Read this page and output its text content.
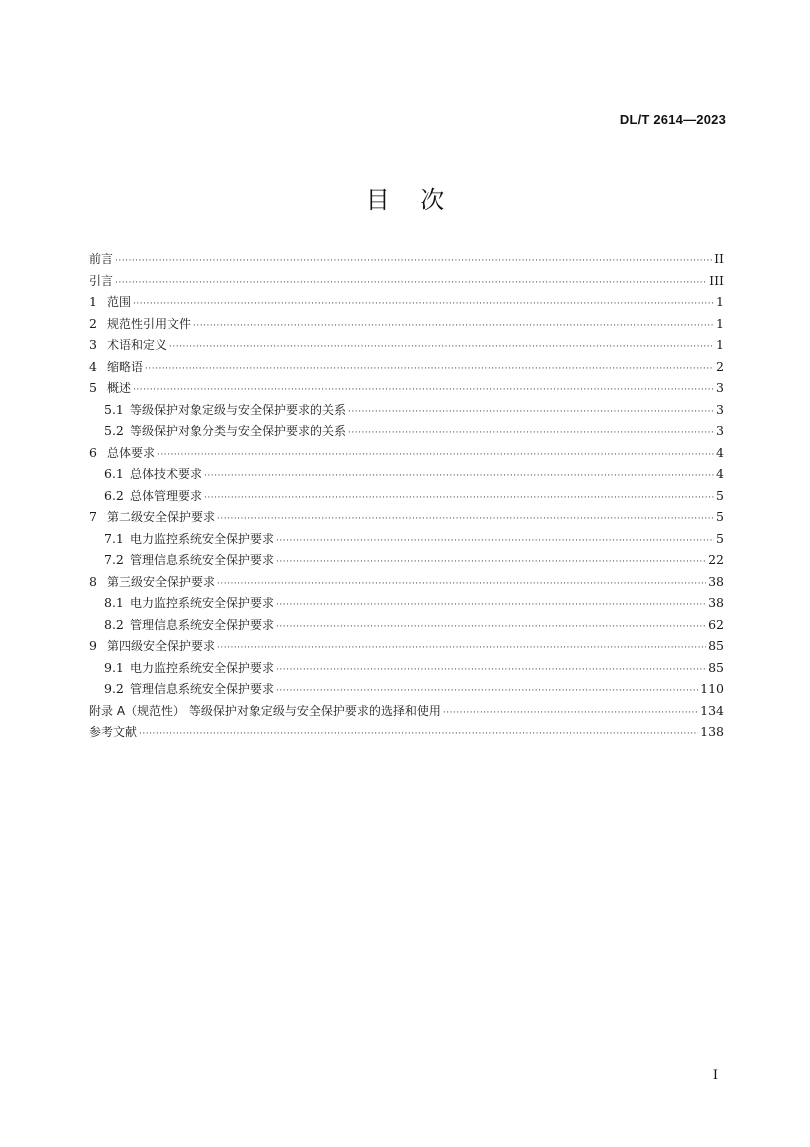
DL/T 2614—2023
目    次
前言 ·····	II
引言 ·····	III
1 范围 ·····	1
2 规范性引用文件 ·····	1
3 术语和定义 ·····	1
4 缩略语 ·····	2
5 概述 ·····	3
5.1 等级保护对象定级与安全保护要求的关系 ·····	3
5.2 等级保护对象分类与安全保护要求的关系 ·····	3
6 总体要求 ·····	4
6.1 总体技术要求 ·····	4
6.2 总体管理要求 ·····	5
7 第二级安全保护要求 ·····	5
7.1 电力监控系统安全保护要求 ·····	5
7.2 管理信息系统安全保护要求 ·····	22
8 第三级安全保护要求 ·····	38
8.1 电力监控系统安全保护要求 ·····	38
8.2 管理信息系统安全保护要求 ·····	62
9 第四级安全保护要求 ·····	85
9.1 电力监控系统安全保护要求 ·····	85
9.2 管理信息系统安全保护要求 ·····	110
附录 A（规范性） 等级保护对象定级与安全保护要求的选择和使用 ·····	134
参考文献 ·····	138
I
